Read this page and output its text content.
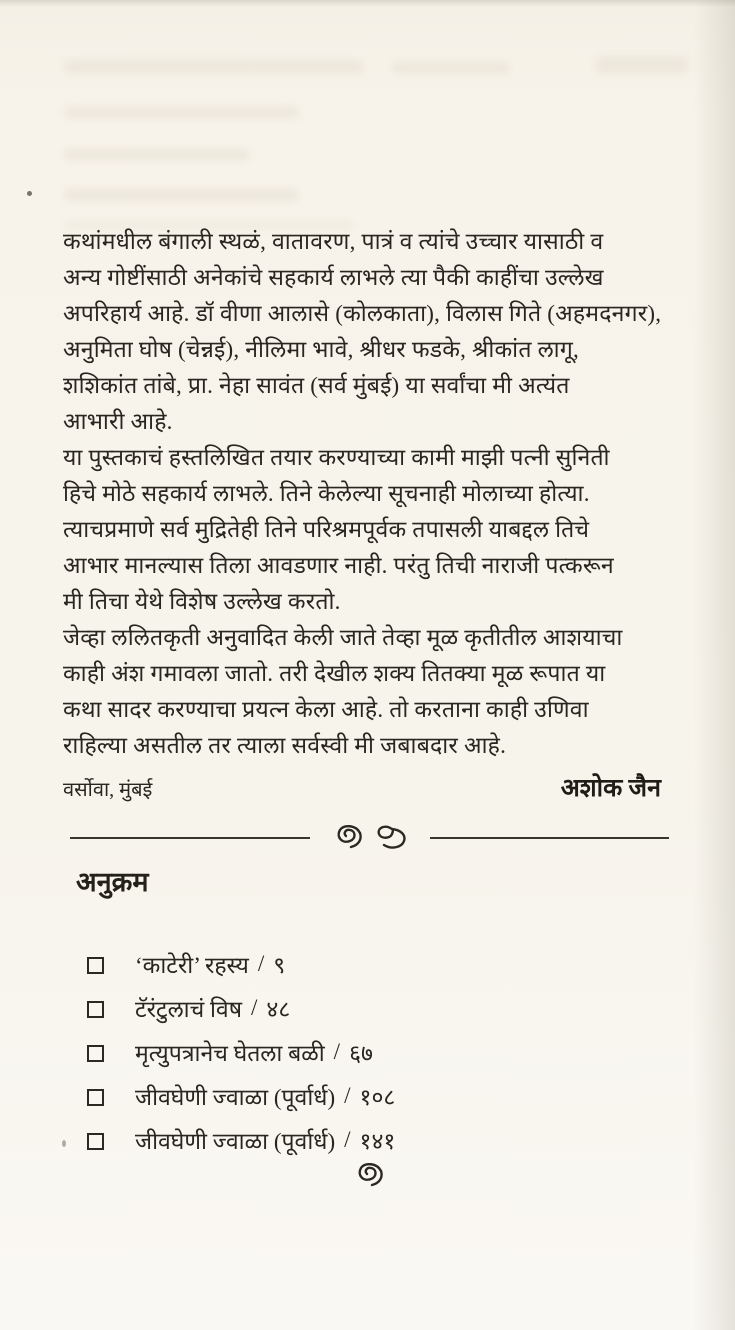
कथांमधील बंगाली स्थळं, वातावरण, पात्रं व त्यांचे उच्चार यासाठी व
अन्य गोष्टींसाठी अनेकांचे सहकार्य लाभले त्या पैकी काहींचा उल्लेख
अपरिहार्य आहे. डॉ वीणा आलासे (कोलकाता), विलास गिते (अहमदनगर),
अनुमिता घोष (चेन्नई), नीलिमा भावे, श्रीधर फडके, श्रीकांत लागू,
शशिकांत तांबे, प्रा. नेहा सावंत (सर्व मुंबई) या सर्वांचा मी अत्यंत
आभारी आहे.
या पुस्तकाचं हस्तलिखित तयार करण्याच्या कामी माझी पत्नी सुनिती
हिचे मोठे सहकार्य लाभले. तिने केलेल्या सूचनाही मोलाच्या होत्या.
त्याचप्रमाणे सर्व मुद्रितेही तिने परिश्रमपूर्वक तपासली याबद्दल तिचे
आभार मानल्यास तिला आवडणार नाही. परंतु तिची नाराजी पत्करून
मी तिचा येथे विशेष उल्लेख करतो.
जेव्हा ललितकृती अनुवादित केली जाते तेव्हा मूळ कृतीतील आशयाचा
काही अंश गमावला जातो. तरी देखील शक्य तितक्या मूळ रूपात या
कथा सादर करण्याचा प्रयत्न केला आहे. तो करताना काही उणिवा
राहिल्या असतील तर त्याला सर्वस्वी मी जबाबदार आहे.
वर्सोवा, मुंबई	अशोक जैन
अनुक्रम
‘काटेरी’ रहस्य / ९
टॅरंटुलाचं विष / ४८
मृत्युपत्रानेच घेतला बळी / ६७
जीवघेणी ज्वाळा (पूर्वार्ध) / १०८
जीवघेणी ज्वाळा (पूर्वार्ध) / १४१
